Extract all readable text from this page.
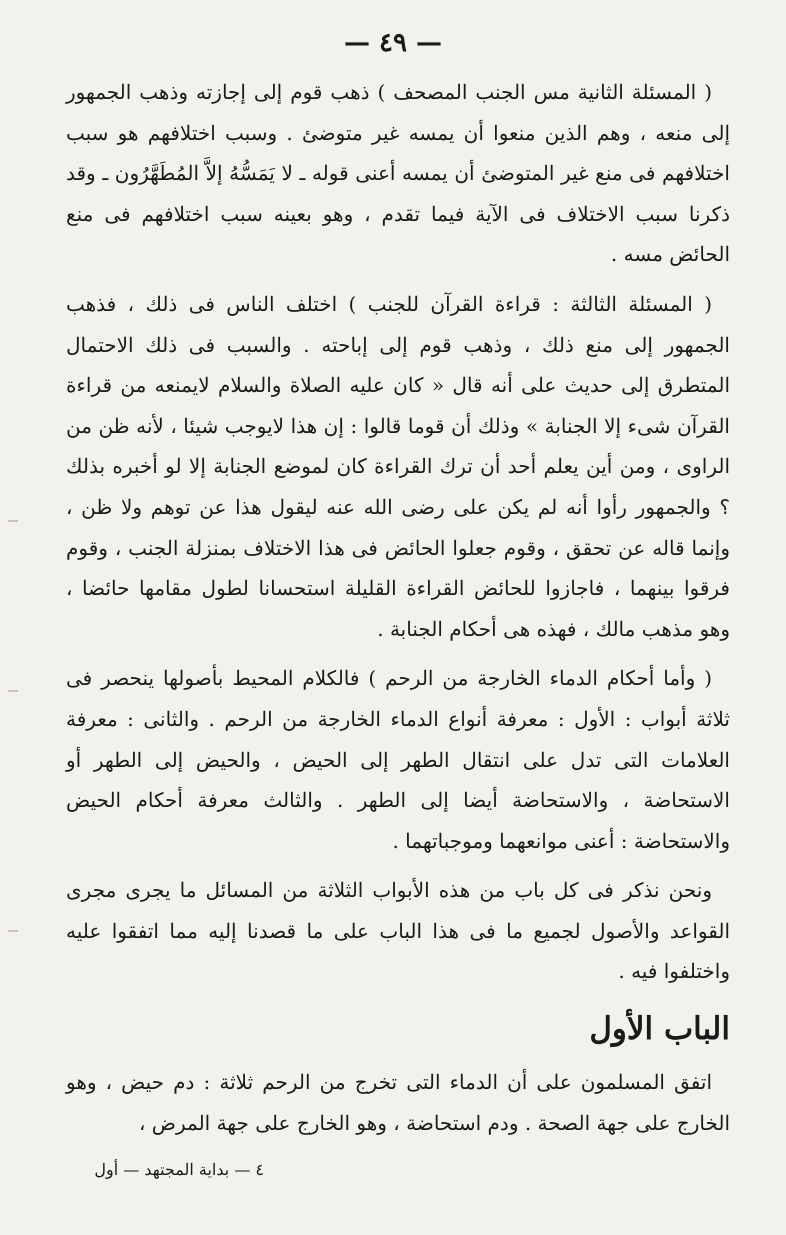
— ٤٩ —

( المسئلة الثانية مس الجنب المصحف ) ذهب قوم إلى إجازته وذهب الجمهور إلى منعه ، وهم الذين منعوا أن يمسه غير متوضئ . وسبب اختلافهم هو سبب اختلافهم فى منع غير المتوضئ أن يمسه أعنى قوله ـ لا يَمَسُّهُ إلاَّ المُطَهَّرُون ـ وقد ذكرنا سبب الاختلاف فى الآية فيما تقدم ، وهو بعينه سبب اختلافهم فى منع الحائض مسه .

( المسئلة الثالثة : قراءة القرآن للجنب ) اختلف الناس فى ذلك ، فذهب الجمهور إلى منع ذلك ، وذهب قوم إلى إباحته . والسبب فى ذلك الاحتمال المتطرق إلى حديث على أنه قال « كان عليه الصلاة والسلام لايمنعه من قراءة القرآن شىء إلا الجنابة » وذلك أن قوما قالوا : إن هذا لايوجب شيئا ، لأنه ظن من الراوى ، ومن أين يعلم أحد أن ترك القراءة كان لموضع الجنابة إلا لو أخبره بذلك ؟ والجمهور رأوا أنه لم يكن على رضى الله عنه ليقول هذا عن توهم ولا ظن ، وإنما قاله عن تحقق ، وقوم جعلوا الحائض فى هذا الاختلاف بمنزلة الجنب ، وقوم فرقوا بينهما ، فاجازوا للحائض القراءة القليلة استحسانا لطول مقامها حائضا ، وهو مذهب مالك ، فهذه هى أحكام الجنابة .

( وأما أحكام الدماء الخارجة من الرحم ) فالكلام المحيط بأصولها ينحصر فى ثلاثة أبواب : الأول : معرفة أنواع الدماء الخارجة من الرحم . والثانى : معرفة العلامات التى تدل على انتقال الطهر إلى الحيض ، والحيض إلى الطهر أو الاستحاضة ، والاستحاضة أيضا إلى الطهر . والثالث معرفة أحكام الحيض والاستحاضة : أعنى موانعهما وموجباتهما .

ونحن نذكر فى كل باب من هذه الأبواب الثلاثة من المسائل ما يجرى مجرى القواعد والأصول لجميع ما فى هذا الباب على ما قصدنا إليه مما اتفقوا عليه واختلفوا فيه .

الباب الأول

اتفق المسلمون على أن الدماء التى تخرج من الرحم ثلاثة : دم حيض ، وهو الخارج على جهة الصحة . ودم استحاضة ، وهو الخارج على جهة المرض ،

٤ — بداية المجتهد — أول
